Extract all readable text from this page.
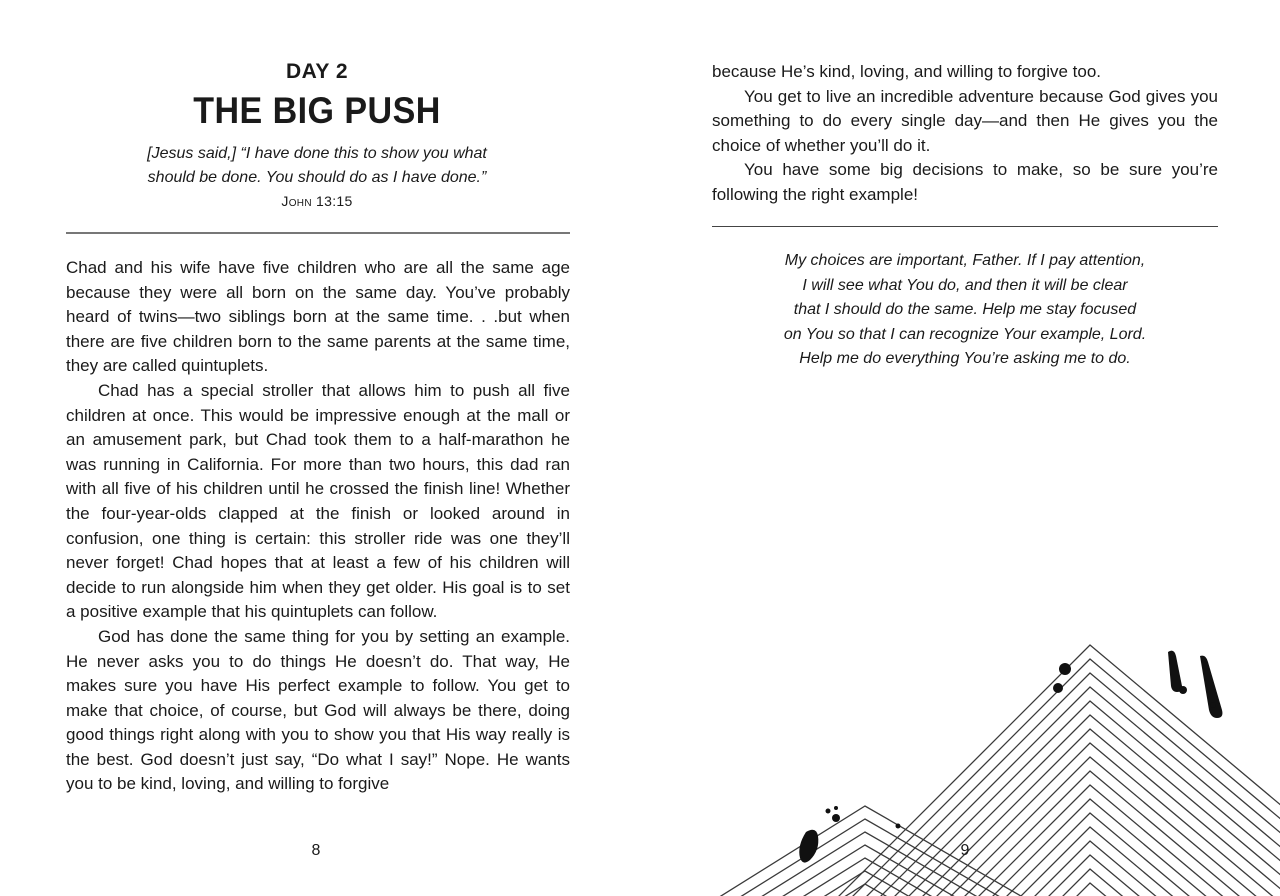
DAY 2
THE BIG PUSH
[Jesus said,] “I have done this to show you what
should be done. You should do as I have done.”
John 13:15

Chad and his wife have five children who are all the same age because they were all born on the same day. You’ve probably heard of twins—two siblings born at the same time. . .but when there are five children born to the same parents at the same time, they are called quintuplets.

Chad has a special stroller that allows him to push all five children at once. This would be impressive enough at the mall or an amusement park, but Chad took them to a half-marathon he was running in California. For more than two hours, this dad ran with all five of his children until he crossed the finish line! Whether the four-year-olds clapped at the finish or looked around in confusion, one thing is certain: this stroller ride was one they’ll never forget! Chad hopes that at least a few of his children will decide to run alongside him when they get older. His goal is to set a positive example that his quintuplets can follow.

God has done the same thing for you by setting an example. He never asks you to do things He doesn’t do. That way, He makes sure you have His perfect example to follow. You get to make that choice, of course, but God will always be there, doing good things right along with you to show you that His way really is the best. God doesn’t just say, “Do what I say!” Nope. He wants you to be kind, loving, and willing to forgive

8

because He’s kind, loving, and willing to forgive too.

You get to live an incredible adventure because God gives you something to do every single day—and then He gives you the choice of whether you’ll do it.

You have some big decisions to make, so be sure you’re following the right example!

My choices are important, Father. If I pay attention,
I will see what You do, and then it will be clear
that I should do the same. Help me stay focused
on You so that I can recognize Your example, Lord.
Help me do everything You’re asking me to do.
9
